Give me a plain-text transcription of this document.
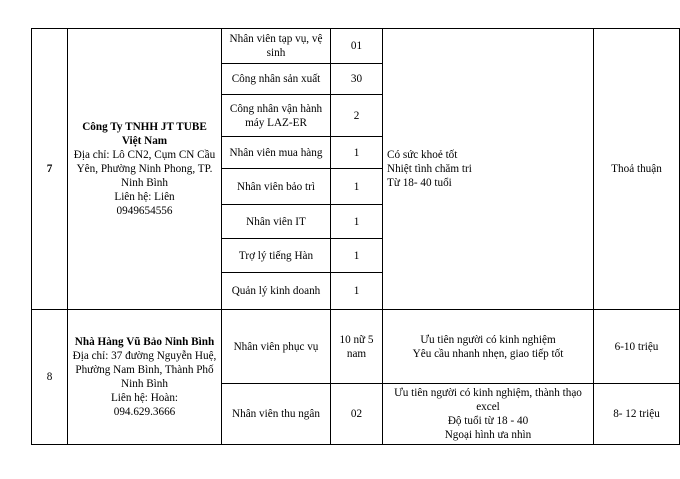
7	Công Ty TNHH JT TUBE Việt Nam
Địa chỉ: Lô CN2, Cụm CN Cầu Yên, Phường Ninh Phong, TP. Ninh Bình
Liên hệ: Liên
0949654556	Nhân viên tạp vụ, vệ sinh	01	Có sức khoẻ tốt
Nhiệt tình chăm tri
Từ 18- 40 tuổi	Thoả thuận
		Công nhân sản xuất	30		
		Công nhân vận hành máy LAZ-ER	2		
		Nhân viên mua hàng	1		
		Nhân viên bảo trì	1		
		Nhân viên IT	1		
		Trợ lý tiếng Hàn	1		
		Quản lý kinh doanh	1		
8	Nhà Hàng Vũ Bảo Ninh Bình
Địa chỉ: 37 đường Nguyễn Huệ, Phường Nam Bình, Thành Phố Ninh Bình
Liên hệ: Hoàn:
094.629.3666	Nhân viên phục vụ	10 nữ 5 nam	Ưu tiên người có kinh nghiệm
Yêu cầu nhanh nhẹn, giao tiếp tốt	6-10 triệu
		Nhân viên thu ngân	02	Ưu tiên người có kinh nghiệm, thành thạo excel
Độ tuổi từ 18 - 40
Ngoại hình ưa nhìn	8- 12 triệu
